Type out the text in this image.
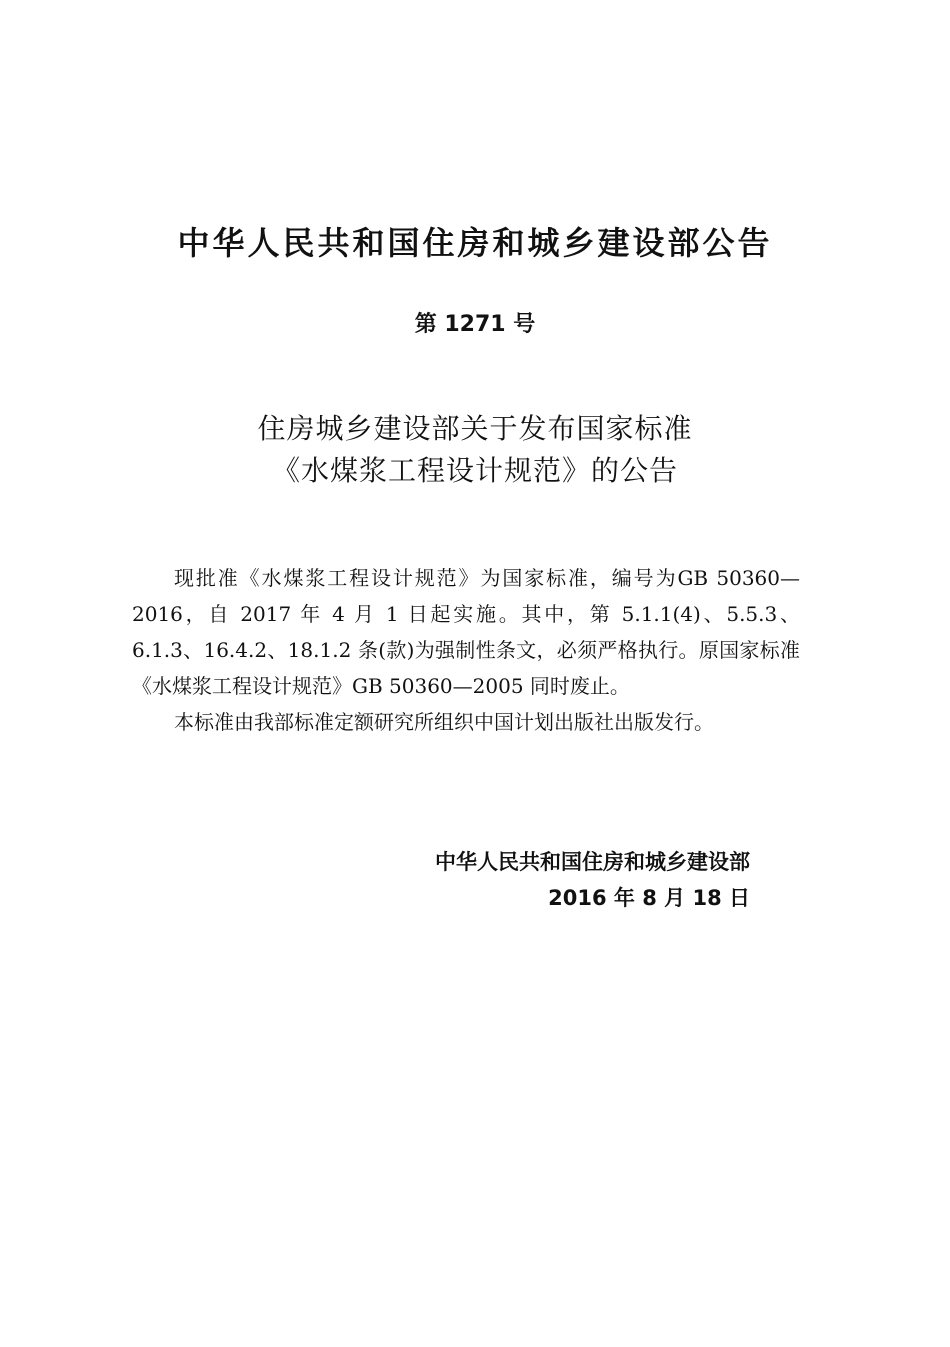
中华人民共和国住房和城乡建设部公告
第 1271 号
住房城乡建设部关于发布国家标准
《水煤浆工程设计规范》的公告

现批准《水煤浆工程设计规范》为国家标准，编号为GB 50360—2016，自 2017 年 4 月 1 日起实施。其中，第 5.1.1(4)、5.5.3、6.1.3、16.4.2、18.1.2 条(款)为强制性条文，必须严格执行。原国家标准《水煤浆工程设计规范》GB 50360—2005 同时废止。

本标准由我部标准定额研究所组织中国计划出版社出版发行。

中华人民共和国住房和城乡建设部
2016 年 8 月 18 日
